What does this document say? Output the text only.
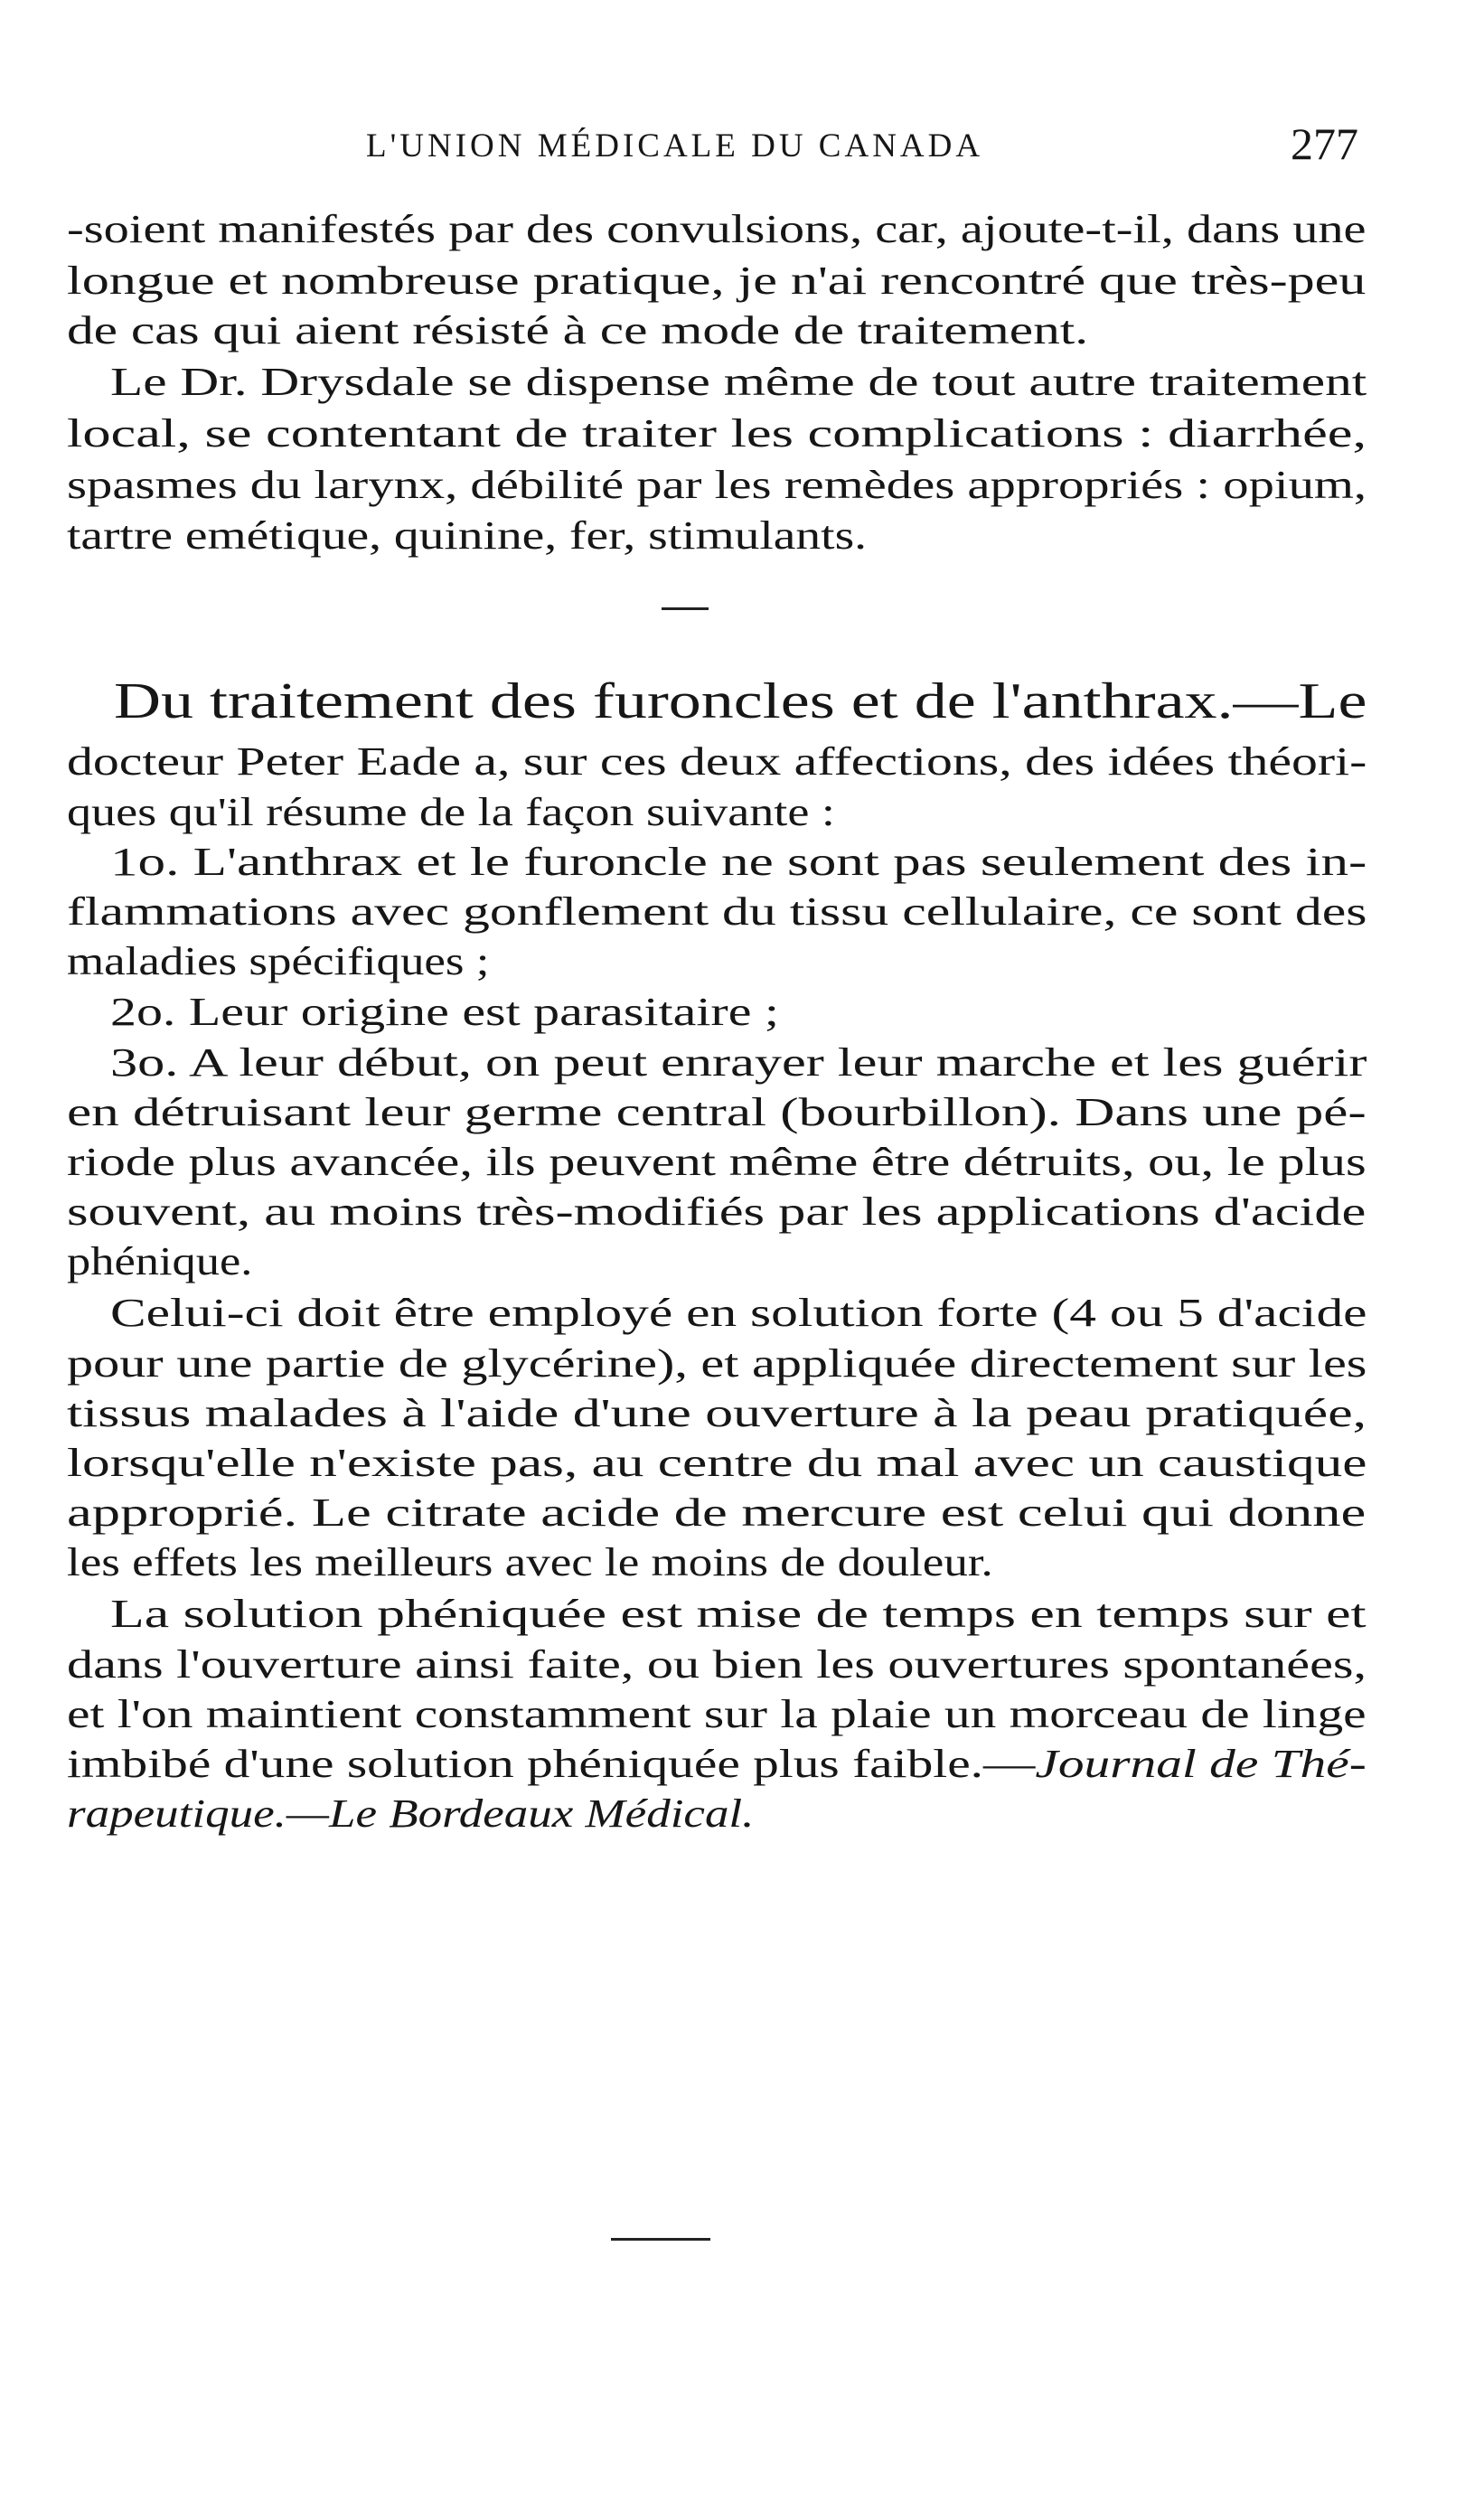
L'UNION MÉDICALE DU CANADA	277
-soient manifestés par des convulsions, car, ajoute-t-il, dans une
longue et nombreuse pratique, je n'ai rencontré que très-peu
de cas qui aient résisté à ce mode de traitement.
Le Dr. Drysdale se dispense même de tout autre traitement
local, se contentant de traiter les complications : diarrhée,
spasmes du larynx, débilité par les remèdes appropriés : opium,
tartre emétique, quinine, fer, stimulants.
Du traitement des furoncles et de l'anthrax.—Le
docteur Peter Eade a, sur ces deux affections, des idées théori-
ques qu'il résume de la façon suivante :
1o. L'anthrax et le furoncle ne sont pas seulement des in-
flammations avec gonflement du tissu cellulaire, ce sont des
maladies spécifiques ;
2o. Leur origine est parasitaire ;
3o. A leur début, on peut enrayer leur marche et les guérir
en détruisant leur germe central (bourbillon). Dans une pé-
riode plus avancée, ils peuvent même être détruits, ou, le plus
souvent, au moins très-modifiés par les applications d'acide
phénique.
Celui-ci doit être employé en solution forte (4 ou 5 d'acide
pour une partie de glycérine), et appliquée directement sur les
tissus malades à l'aide d'une ouverture à la peau pratiquée,
lorsqu'elle n'existe pas, au centre du mal avec un caustique
approprié. Le citrate acide de mercure est celui qui donne
les effets les meilleurs avec le moins de douleur.
La solution phéniquée est mise de temps en temps sur et
dans l'ouverture ainsi faite, ou bien les ouvertures spontanées,
et l'on maintient constamment sur la plaie un morceau de linge
imbibé d'une solution phéniquée plus faible.—Journal de Thé-
rapeutique.—Le Bordeaux Médical.
